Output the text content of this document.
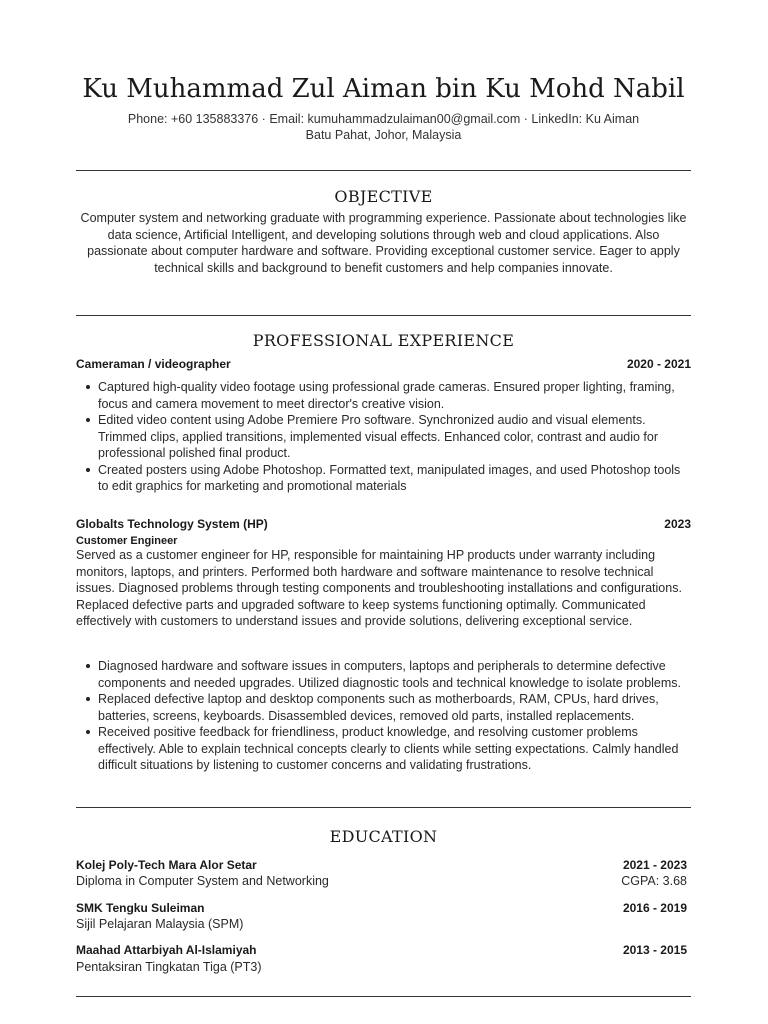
Ku Muhammad Zul Aiman bin Ku Mohd Nabil
Phone: +60 135883376 · Email: kumuhammadzulaiman00@gmail.com · LinkedIn: Ku Aiman
Batu Pahat, Johor, Malaysia
OBJECTIVE
Computer system and networking graduate with programming experience. Passionate about technologies like data science, Artificial Intelligent, and developing solutions through web and cloud applications. Also passionate about computer hardware and software. Providing exceptional customer service. Eager to apply technical skills and background to benefit customers and help companies innovate.
PROFESSIONAL EXPERIENCE
Cameraman / videographer	2020 - 2021
Captured high-quality video footage using professional grade cameras. Ensured proper lighting, framing, focus and camera movement to meet director's creative vision.
Edited video content using Adobe Premiere Pro software. Synchronized audio and visual elements. Trimmed clips, applied transitions, implemented visual effects. Enhanced color, contrast and audio for professional polished final product.
Created posters using Adobe Photoshop. Formatted text, manipulated images, and used Photoshop tools to edit graphics for marketing and promotional materials
Globalts Technology System (HP)	2023
Customer Engineer
Served as a customer engineer for HP, responsible for maintaining HP products under warranty including monitors, laptops, and printers. Performed both hardware and software maintenance to resolve technical issues. Diagnosed problems through testing components and troubleshooting installations and configurations. Replaced defective parts and upgraded software to keep systems functioning optimally. Communicated effectively with customers to understand issues and provide solutions, delivering exceptional service.
Diagnosed hardware and software issues in computers, laptops and peripherals to determine defective components and needed upgrades. Utilized diagnostic tools and technical knowledge to isolate problems.
Replaced defective laptop and desktop components such as motherboards, RAM, CPUs, hard drives, batteries, screens, keyboards. Disassembled devices, removed old parts, installed replacements.
Received positive feedback for friendliness, product knowledge, and resolving customer problems effectively. Able to explain technical concepts clearly to clients while setting expectations. Calmly handled difficult situations by listening to customer concerns and validating frustrations.
EDUCATION
Kolej Poly-Tech Mara Alor Setar	2021 - 2023
Diploma in Computer System and Networking	CGPA: 3.68
SMK Tengku Suleiman	2016 - 2019
Sijil Pelajaran Malaysia (SPM)
Maahad Attarbiyah Al-Islamiyah	2013 - 2015
Pentaksiran Tingkatan Tiga (PT3)
